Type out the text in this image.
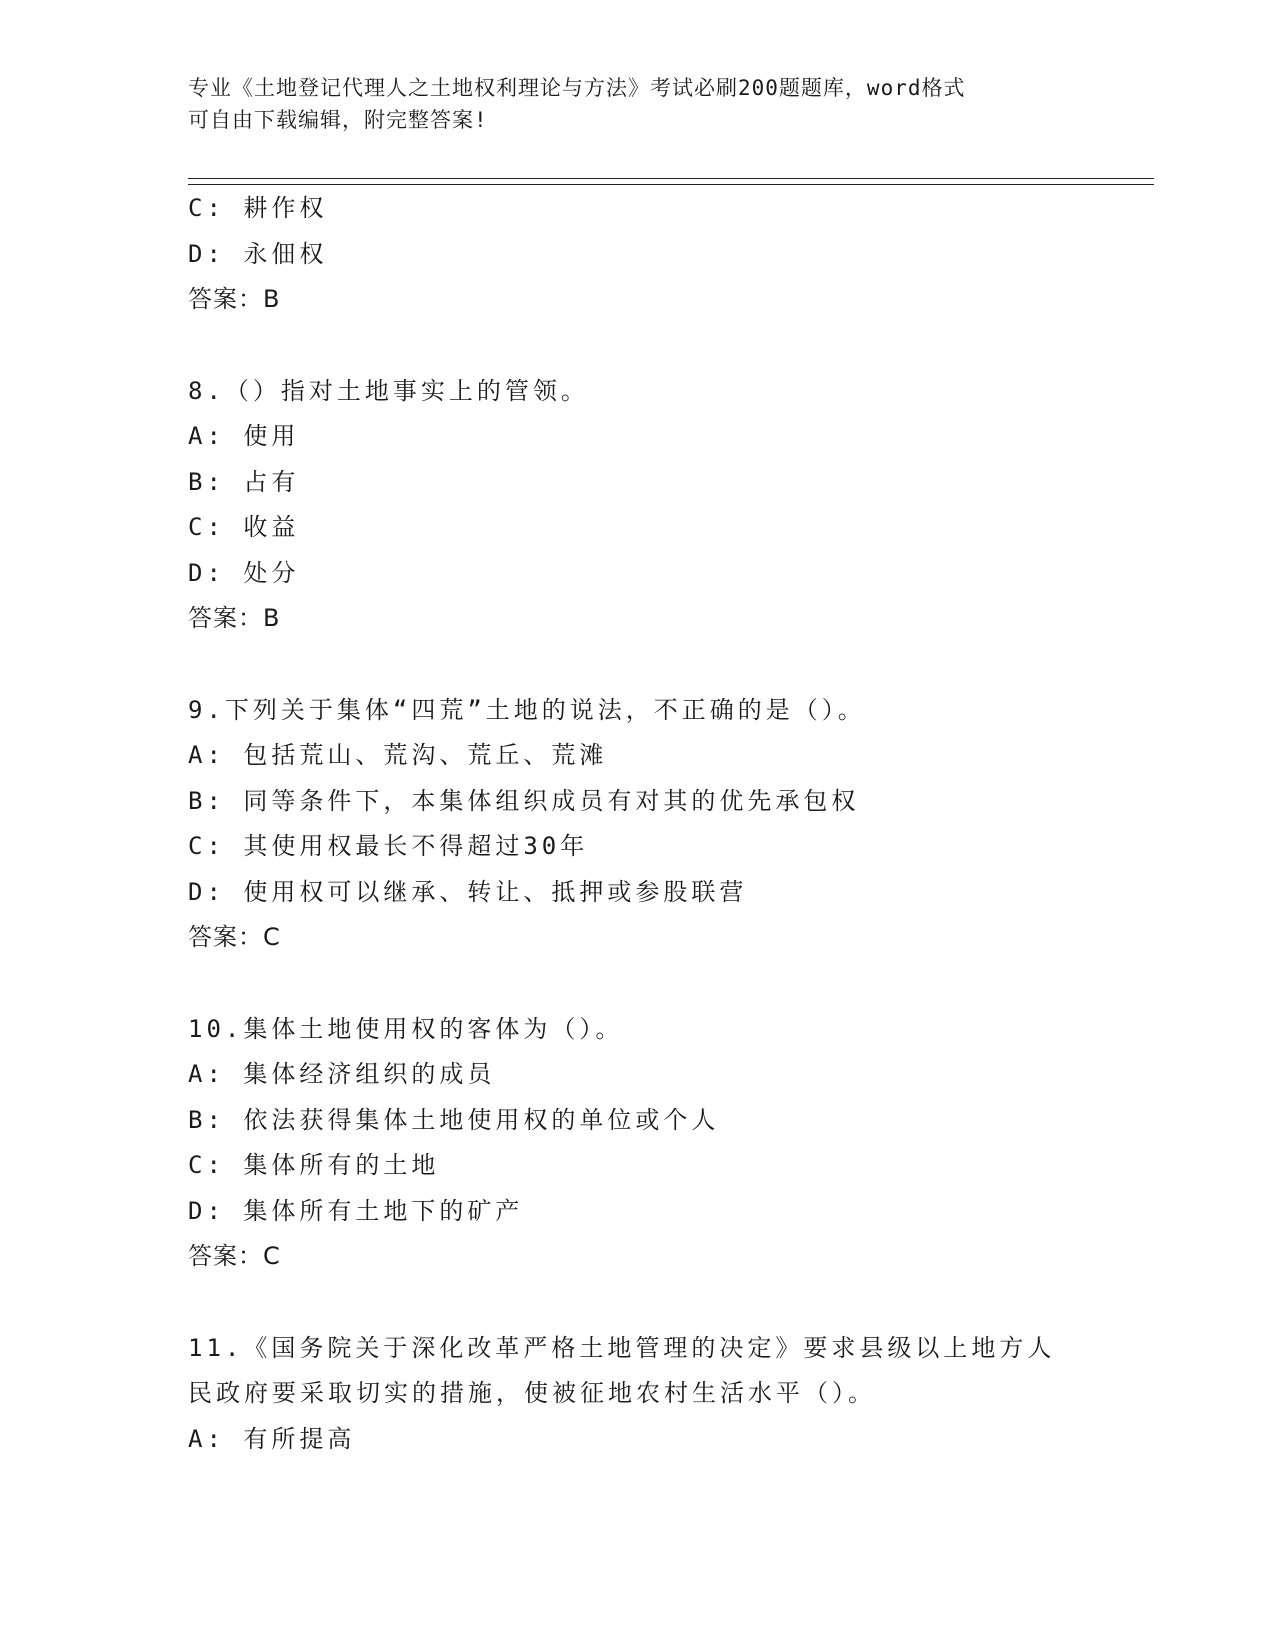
专业《土地登记代理人之土地权利理论与方法》考试必刷200题题库，word格式
可自由下载编辑，附完整答案!
C: 耕作权
D: 永佃权
答案：B
8.（）指对土地事实上的管领。
A: 使用
B: 占有
C: 收益
D: 处分
答案：B
9.下列关于集体“四荒”土地的说法，不正确的是（）。
A: 包括荒山、荒沟、荒丘、荒滩
B: 同等条件下，本集体组织成员有对其的优先承包权
C: 其使用权最长不得超过30年
D: 使用权可以继承、转让、抵押或参股联营
答案：C
10.集体土地使用权的客体为（）。
A: 集体经济组织的成员
B: 依法获得集体土地使用权的单位或个人
C: 集体所有的土地
D: 集体所有土地下的矿产
答案：C
11.《国务院关于深化改革严格土地管理的决定》要求县级以上地方人
民政府要采取切实的措施，使被征地农村生活水平（）。
A: 有所提高
